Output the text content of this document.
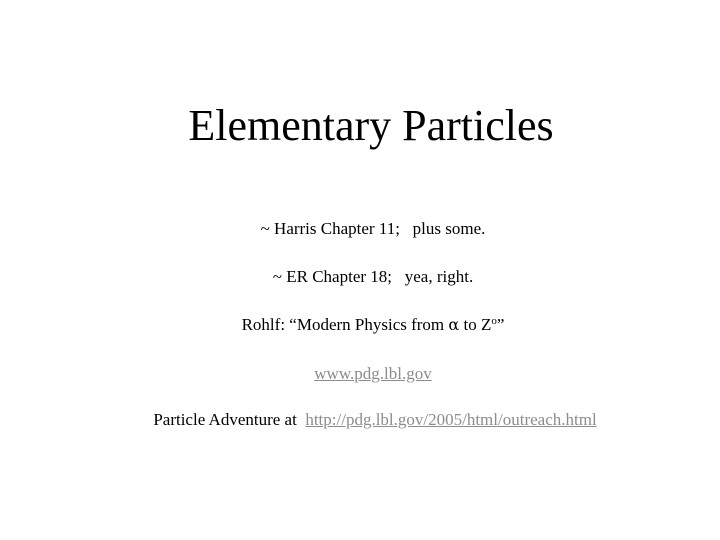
Elementary Particles
~ Harris Chapter 11;   plus some.
~ ER Chapter 18;   yea, right.
Rohlf: “Modern Physics from α to $Z^o$”
www.pdg.lbl.gov
Particle Adventure at  http://pdg.lbl.gov/2005/html/outreach.html
